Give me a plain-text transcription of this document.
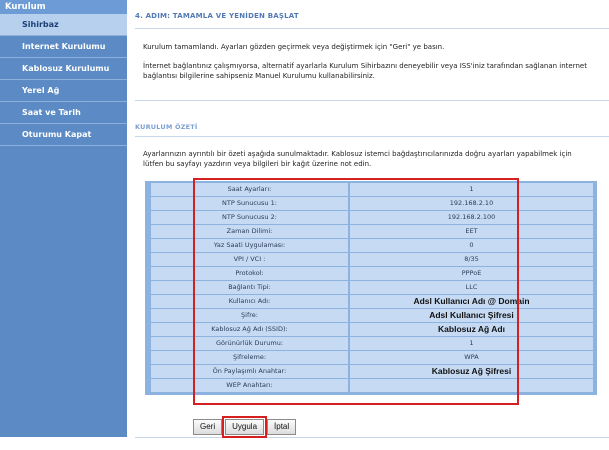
Kurulum
Sihirbaz
Internet Kurulumu
Kablosuz Kurulumu
Yerel Ağ
Saat ve Tarih
Oturumu Kapat
4. ADIM: TAMAMLA VE YENİDEN BAŞLAT
Kurulum tamamlandı. Ayarları gözden geçirmek veya değiştirmek için "Geri" ye basın.
İnternet bağlantınız çalışmıyorsa, alternatif ayarlarla Kurulum Sihirbazını deneyebilir veya ISS'iniz tarafından sağlanan internet bağlantısı bilgilerine sahipseniz Manuel Kurulumu kullanabilirsiniz.
KURULUM ÖZETİ
Ayarlarınızın ayrıntılı bir özeti aşağıda sunulmaktadır. Kablosuz istemci bağdaştırıcılarınızda doğru ayarları yapabilmek için lütfen bu sayfayı yazdırın veya bilgileri bir kağıt üzerine not edin.
Saat Ayarları:	1
NTP Sunucusu 1:	192.168.2.10
NTP Sunucusu 2:	192.168.2.100
Zaman Dilimi:	EET
Yaz Saati Uygulaması:	0
VPI / VCI :	8/35
Protokol:	PPPoE
Bağlantı Tipi:	LLC
Kullanıcı Adı:	Adsl Kullanıcı Adı @ Domain
Şifre:	Adsl Kullanıcı Şifresi
Kablosuz Ağ Adı (SSID):	Kablosuz Ağ Adı
Görünürlük Durumu:	1
Şifreleme:	WPA
Ön Paylaşımlı Anahtar:	Kablosuz Ağ Şifresi
WEP Anahtarı:
Geri	Uygula	İptal
